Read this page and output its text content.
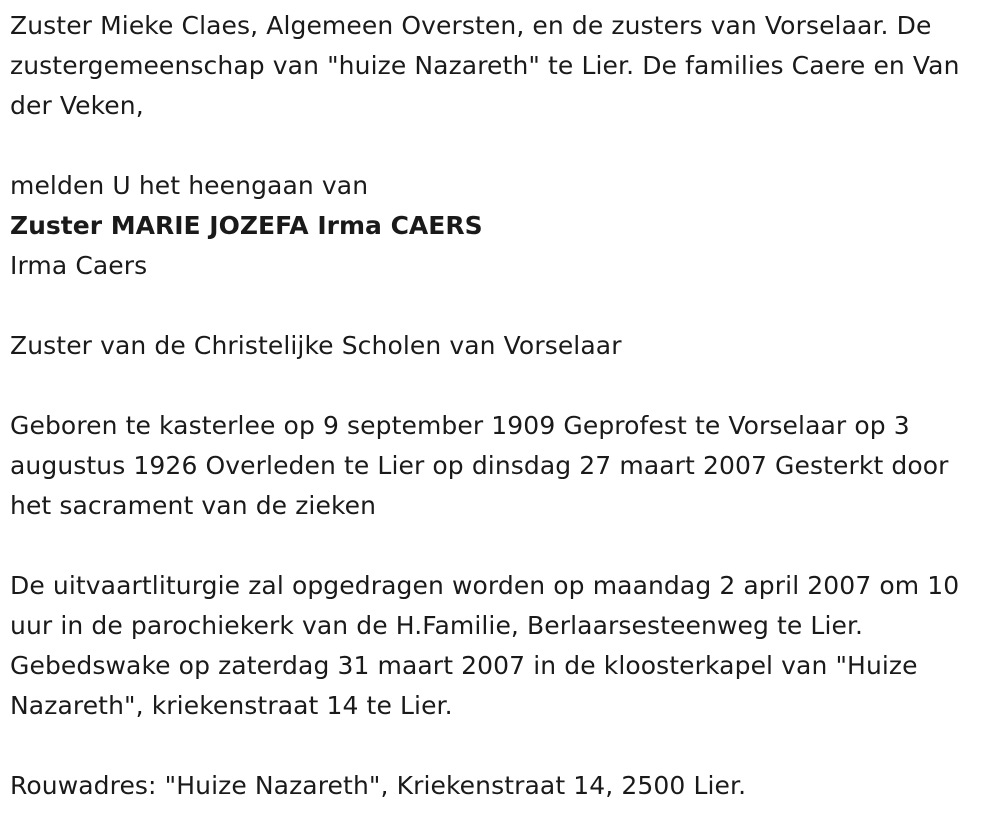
Zuster Mieke Claes, Algemeen Oversten, en de zusters van Vorselaar. De zustergemeenschap van "huize Nazareth" te Lier. De families Caere en Van der Veken,

melden U het heengaan van

Zuster MARIE JOZEFA Irma CAERS

Irma Caers

Zuster van de Christelijke Scholen van Vorselaar

Geboren te kasterlee op 9 september 1909 Geprofest te Vorselaar op 3 augustus 1926 Overleden te Lier op dinsdag 27 maart 2007 Gesterkt door het sacrament van de zieken

De uitvaartliturgie zal opgedragen worden op maandag 2 april 2007 om 10 uur in de parochiekerk van de H.Familie, Berlaarsesteenweg te Lier. Gebedswake op zaterdag 31 maart 2007 in de kloosterkapel van "Huize Nazareth", kriekenstraat 14 te Lier.

Rouwadres: "Huize Nazareth", Kriekenstraat 14, 2500 Lier.
